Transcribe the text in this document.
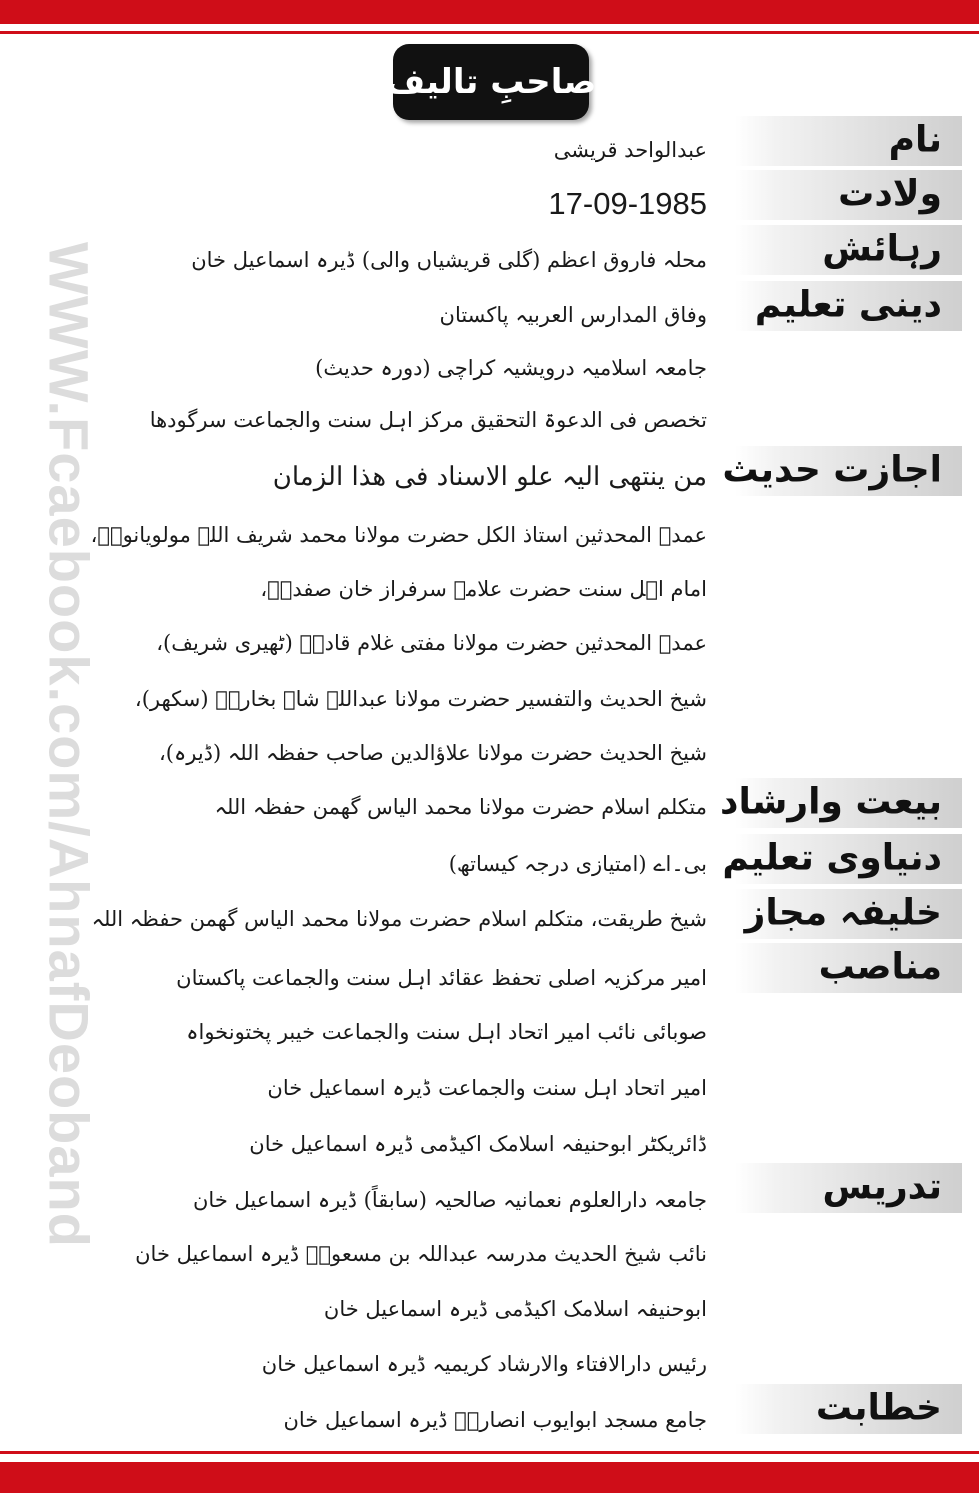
صاحبِ تالیف
WWW.Fcaebook.com/AhnafDeoband
نام
ولادت
رہائش
دینی تعلیم
اجازت حدیث
بیعت وارشاد
دنیاوی تعلیم
خلیفہ مجاز
مناصب
تدریس
خطابت
عبدالواحد قریشی
17-09-1985
محلہ فاروق اعظم (گلی قریشیاں والی) ڈیرہ اسماعیل خان
وفاق المدارس العربیہ پاکستان
جامعہ اسلامیہ درویشیہ کراچی (دورہ حدیث)
تخصص فی الدعوۃ التحقیق مرکز اہل سنت والجماعت سرگودھا
من ینتھی الیہ علو الاسناد فی ھذا الزمان
عمدۃ المحدثین استاذ الکل حضرت مولانا محمد شریف اللہ مولویانویؒ،
امام اہل سنت حضرت علامہ سرفراز خان صفدرؒ،
عمدۃ المحدثین حضرت مولانا مفتی غلام قادرؒ (ٹھیری شریف)،
شیخ الحدیث والتفسیر حضرت مولانا عبداللہ شاہ بخاریؒ (سکھر)،
شیخ الحدیث حضرت مولانا علاؤالدین صاحب حفظہ اللہ (ڈیرہ)،
متکلم اسلام حضرت مولانا محمد الیاس گھمن حفظہ اللہ
بی۔اے (امتیازی درجہ کیساتھ)
شیخ طریقت، متکلم اسلام حضرت مولانا محمد الیاس گھمن حفظہ اللہ
امیر مرکزیہ اصلی تحفظ عقائد اہل سنت والجماعت پاکستان
صوبائی نائب امیر اتحاد اہل سنت والجماعت خیبر پختونخواہ
امیر اتحاد اہل سنت والجماعت ڈیرہ اسماعیل خان
ڈائریکٹر ابوحنیفہ اسلامک اکیڈمی ڈیرہ اسماعیل خان
جامعہ دارالعلوم نعمانیہ صالحیہ (سابقاً) ڈیرہ اسماعیل خان
نائب شیخ الحدیث مدرسہ عبداللہ بن مسعودؓ ڈیرہ اسماعیل خان
ابوحنیفہ اسلامک اکیڈمی ڈیرہ اسماعیل خان
رئیس دارالافتاء والارشاد کریمیہ ڈیرہ اسماعیل خان
جامع مسجد ابوایوب انصاریؓ ڈیرہ اسماعیل خان
